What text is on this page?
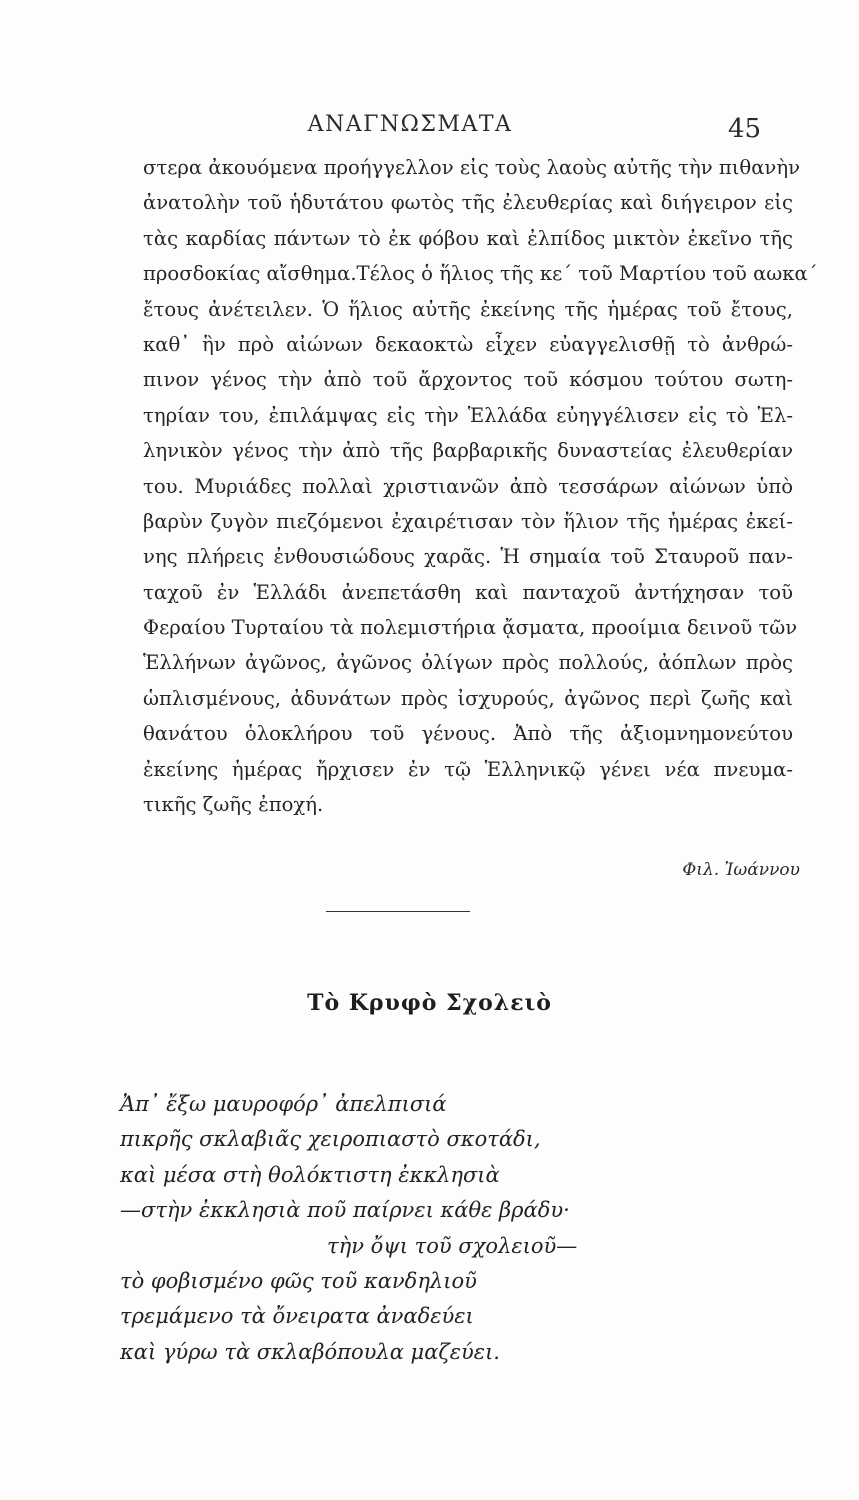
ΑΝΑΓΝΩΣΜΑΤΑ	45
στερα ἀκουόμενα προήγγελλον εἰς τοὺς λαοὺς αὐτῆς τὴν πιθανὴν
ἀνατολὴν τοῦ ἡδυτάτου φωτὸς τῆς ἐλευθερίας καὶ διήγειρον εἰς
τὰς καρδίας πάντων τὸ ἐκ φόβου καὶ ἐλπίδος μικτὸν ἐκεῖνο τῆς
προσδοκίας αἴσθημα.Τέλος ὁ ἥλιος τῆς κε΄ τοῦ Μαρτίου τοῦ αωκα΄
ἔτους ἀνέτειλεν. Ὁ ἥλιος αὐτῆς ἐκείνης τῆς ἡμέρας τοῦ ἔτους,
καθ᾽ ἣν πρὸ αἰώνων δεκαοκτὼ εἶχεν εὐαγγελισθῇ τὸ ἀνθρώ-
πινον γένος τὴν ἀπὸ τοῦ ἄρχοντος τοῦ κόσμου τούτου σωτη-
τηρίαν του, ἐπιλάμψας εἰς τὴν Ἑλλάδα εὐηγγέλισεν εἰς τὸ Ἑλ-
ληνικὸν γένος τὴν ἀπὸ τῆς βαρβαρικῆς δυναστείας ἐλευθερίαν
του. Μυριάδες πολλαὶ χριστιανῶν ἀπὸ τεσσάρων αἰώνων ὑπὸ
βαρὺν ζυγὸν πιεζόμενοι ἐχαιρέτισαν τὸν ἥλιον τῆς ἡμέρας ἐκεί-
νης πλήρεις ἐνθουσιώδους χαρᾶς. Ἡ σημαία τοῦ Σταυροῦ παν-
ταχοῦ ἐν Ἑλλάδι ἀνεπετάσθη καὶ πανταχοῦ ἀντήχησαν τοῦ
Φεραίου Τυρταίου τὰ πολεμιστήρια ᾄσματα, προοίμια δεινοῦ τῶν
Ἑλλήνων ἀγῶνος, ἀγῶνος ὀλίγων πρὸς πολλούς, ἀόπλων πρὸς
ὡπλισμένους, ἀδυνάτων πρὸς ἰσχυρούς, ἀγῶνος περὶ ζωῆς καὶ
θανάτου ὁλοκλήρου τοῦ γένους. Ἀπὸ τῆς ἀξιομνημονεύτου
ἐκείνης ἡμέρας ἤρχισεν ἐν τῷ Ἑλληνικῷ γένει νέα πνευμα-
τικῆς ζωῆς ἐποχή.
Φιλ. Ἰωάννου
Τὸ Κρυφὸ Σχολειὸ
Ἀπ᾽ ἔξω μαυροφόρ᾽ ἀπελπισιά
πικρῆς σκλαβιᾶς χειροπιαστὸ σκοτάδι,
καὶ μέσα στὴ θολόκτιστη ἐκκλησιὰ
—στὴν ἐκκλησιὰ ποῦ παίρνει κάθε βράδυ·
τὴν ὄψι τοῦ σχολειοῦ—
τὸ φοβισμένο φῶς τοῦ κανδηλιοῦ
τρεμάμενο τὰ ὄνειρατα ἀναδεύει
καὶ γύρω τὰ σκλαβόπουλα μαζεύει.
